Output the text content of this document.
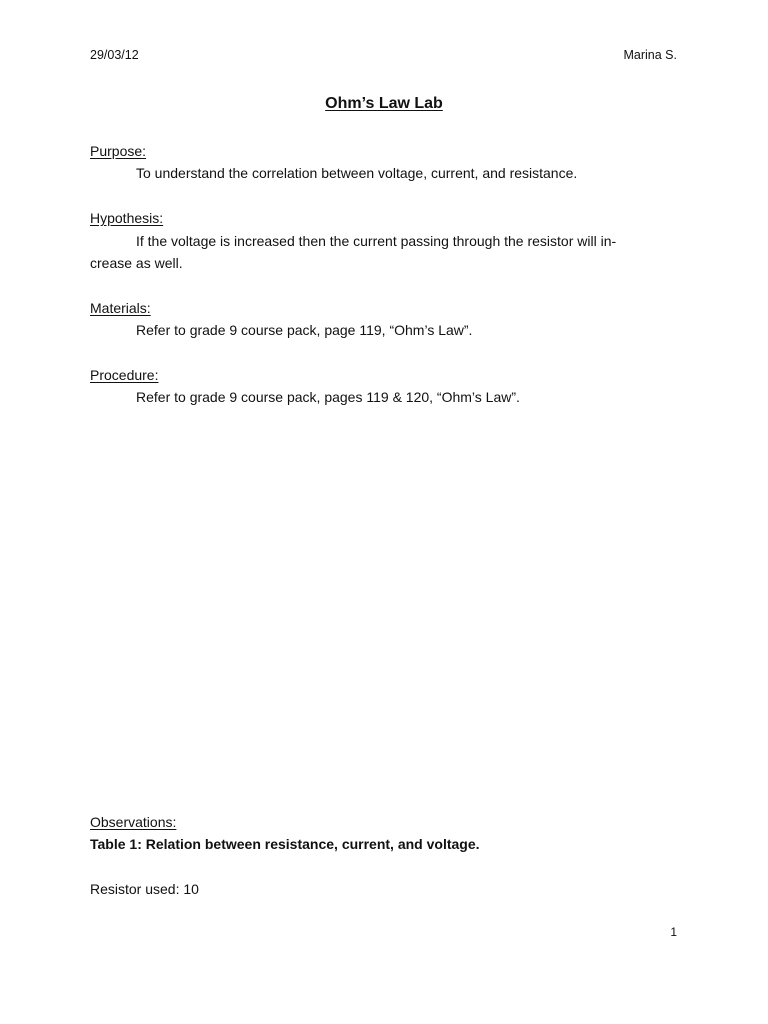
29/03/12	Marina S.
Ohm’s Law Lab
Purpose:
To understand the correlation between voltage, current, and resistance.
Hypothesis:
If the voltage is increased then the current passing through the resistor will in-
crease as well.
Materials:
Refer to grade 9 course pack, page 119, “Ohm’s Law”.
Procedure:
Refer to grade 9 course pack, pages 119 & 120, “Ohm’s Law”.
Observations:
Table 1: Relation between resistance, current, and voltage.
Resistor used: 10
1
